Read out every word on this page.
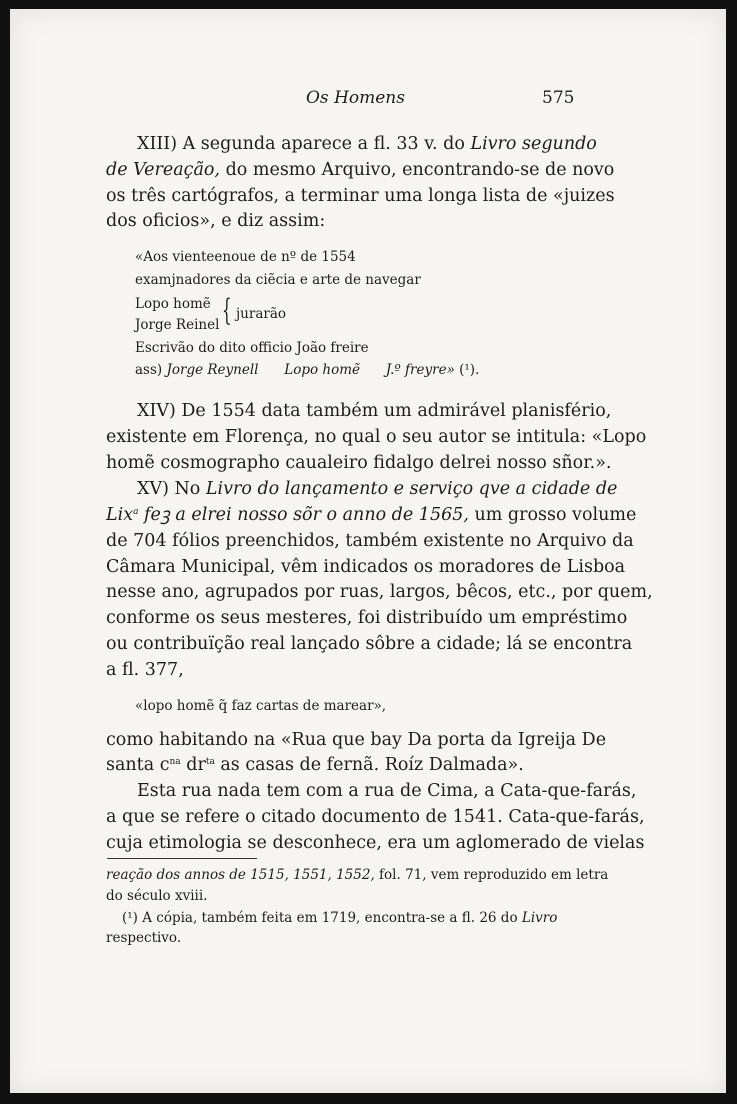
Os Homens	575
XIII) A segunda aparece a fl. 33 v. do Livro segundo
de Vereação, do mesmo Arquivo, encontrando-se de novo
os três cartógrafos, a terminar uma longa lista de «juizes
dos oficios», e diz assim:
«Aos vienteenoue de nº de 1554
examjnadores da ciẽcia e arte de navegar
Lopo homẽ
Jorge Reinel { jurarão
Escrivão do dito officio João freire
ass) Jorge Reynell Lopo homẽ J.º freyre» (¹).
XIV) De 1554 data também um admirável planisfério,
existente em Florença, no qual o seu autor se intitula: «Lopo
homẽ cosmographo caualeiro fidalgo delrei nosso sñor.».
XV) No Livro do lançamento e serviço qve a cidade de
Lix$^a$ feꝫ a elrei nosso sõr o anno de 1565, um grosso volume
de 704 fólios preenchidos, também existente no Arquivo da
Câmara Municipal, vêm indicados os moradores de Lisboa
nesse ano, agrupados por ruas, largos, bêcos, etc., por quem,
conforme os seus mesteres, foi distribuído um empréstimo
ou contribuïção real lançado sôbre a cidade; lá se encontra
a fl. 377,
«lopo homẽ q̃ faz cartas de marear»,
como habitando na «Rua que bay Da porta da Igreija De
santa $c^{na}$ $dr^{ta}$ as casas de fernã. Roíz Dalmada».
Esta rua nada tem com a rua de Cima, a Cata-que-farás,
a que se refere o citado documento de 1541. Cata-que-farás,
cuja etimologia se desconhece, era um aglomerado de vielas
reação dos annos de 1515, 1551, 1552, fol. 71, vem reproduzido em letra
do século xviii.
(¹) A cópia, também feita em 1719, encontra-se a fl. 26 do Livro
respectivo.
